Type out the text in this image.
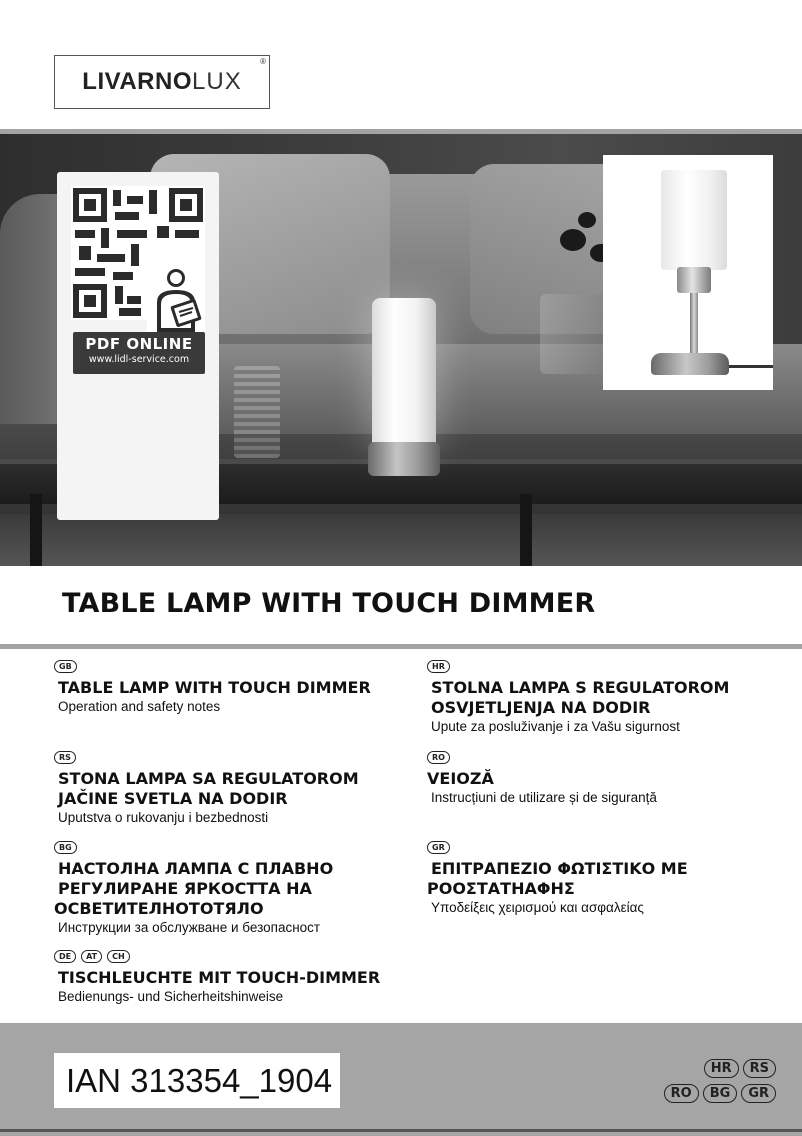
LIVARNOLUX
®
PDF ONLINE
www.lidl-service.com
TABLE LAMP WITH TOUCH DIMMER
GB
TABLE LAMP WITH TOUCH DIMMER
Operation and safety notes
RS
STONA LAMPA SA REGULATOROM
JAČINE SVETLA NA DODIR
Uputstva o rukovanju i bezbednosti
BG
НАСТОЛНА ЛАМПА С ПЛАВНО
РЕГУЛИРАНЕ ЯРКОСТТА НА
ОСВЕТИТЕЛНОТОТЯЛО
Инструкции за обслужване и безопасност
DE	AT	CH
TISCHLEUCHTE MIT TOUCH-DIMMER
Bedienungs- und Sicherheitshinweise
HR
STOLNA LAMPA S REGULATOROM
OSVJETLJENJA NA DODIR
Upute za posluživanje i za Vašu sigurnost
RO
VEIOZĂ
Instrucțiuni de utilizare și de siguranță
GR
ΕΠΙΤΡΑΠΕΖΙΟ ΦΩΤΙΣΤΙΚΟ ΜΕ
ΡΟΟΣΤΑΤΗΑΦΗΣ
Υποδείξεις χειρισμού και ασφαλείας
IAN 313354_1904	HR	RS
RO	BG	GR
